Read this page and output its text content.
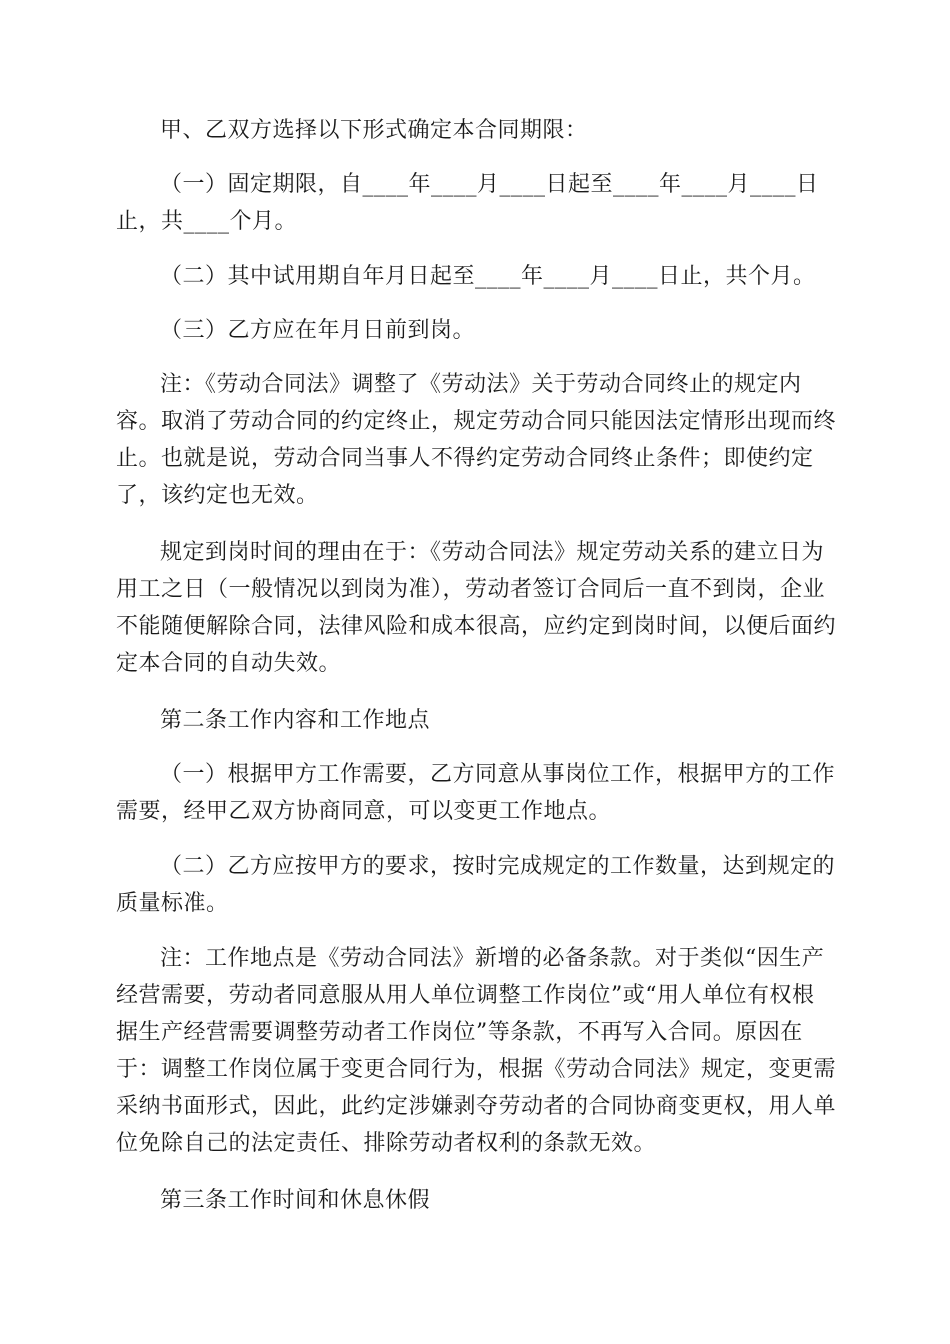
甲、乙双方选择以下形式确定本合同期限：

（一）固定期限，自____年____月____日起至____年____月____日止，共____个月。

（二）其中试用期自年月日起至____年____月____日止，共个月。

（三）乙方应在年月日前到岗。

注：《劳动合同法》调整了《劳动法》关于劳动合同终止的规定内容。取消了劳动合同的约定终止，规定劳动合同只能因法定情形出现而终止。也就是说，劳动合同当事人不得约定劳动合同终止条件；即使约定了，该约定也无效。

规定到岗时间的理由在于：《劳动合同法》规定劳动关系的建立日为用工之日（一般情况以到岗为准），劳动者签订合同后一直不到岗，企业不能随便解除合同，法律风险和成本很高，应约定到岗时间，以便后面约定本合同的自动失效。

第二条工作内容和工作地点

（一）根据甲方工作需要，乙方同意从事岗位工作，根据甲方的工作需要，经甲乙双方协商同意，可以变更工作地点。

（二）乙方应按甲方的要求，按时完成规定的工作数量，达到规定的质量标准。

注：工作地点是《劳动合同法》新增的必备条款。对于类似“因生产经营需要，劳动者同意服从用人单位调整工作岗位”或“用人单位有权根据生产经营需要调整劳动者工作岗位”等条款，不再写入合同。原因在于：调整工作岗位属于变更合同行为，根据《劳动合同法》规定，变更需采纳书面形式，因此，此约定涉嫌剥夺劳动者的合同协商变更权，用人单位免除自己的法定责任、排除劳动者权利的条款无效。

第三条工作时间和休息休假
